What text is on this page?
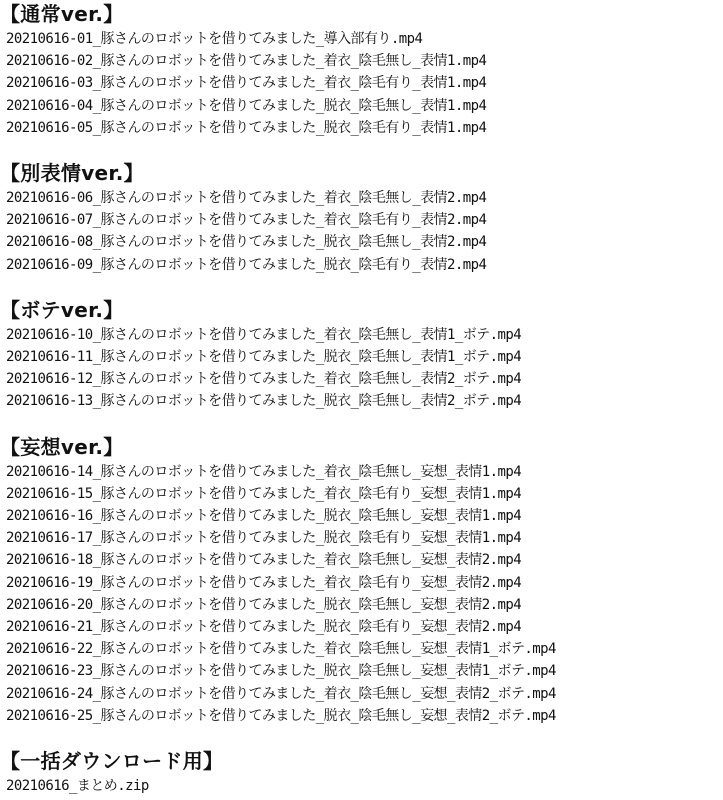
【通常ver.】
20210616-01_豚さんのロボットを借りてみました_導入部有り.mp4
20210616-02_豚さんのロボットを借りてみました_着衣_陰毛無し_表情1.mp4
20210616-03_豚さんのロボットを借りてみました_着衣_陰毛有り_表情1.mp4
20210616-04_豚さんのロボットを借りてみました_脱衣_陰毛無し_表情1.mp4
20210616-05_豚さんのロボットを借りてみました_脱衣_陰毛有り_表情1.mp4
【別表情ver.】
20210616-06_豚さんのロボットを借りてみました_着衣_陰毛無し_表情2.mp4
20210616-07_豚さんのロボットを借りてみました_着衣_陰毛有り_表情2.mp4
20210616-08_豚さんのロボットを借りてみました_脱衣_陰毛無し_表情2.mp4
20210616-09_豚さんのロボットを借りてみました_脱衣_陰毛有り_表情2.mp4
【ボテver.】
20210616-10_豚さんのロボットを借りてみました_着衣_陰毛無し_表情1_ボテ.mp4
20210616-11_豚さんのロボットを借りてみました_脱衣_陰毛無し_表情1_ボテ.mp4
20210616-12_豚さんのロボットを借りてみました_着衣_陰毛無し_表情2_ボテ.mp4
20210616-13_豚さんのロボットを借りてみました_脱衣_陰毛無し_表情2_ボテ.mp4
【妄想ver.】
20210616-14_豚さんのロボットを借りてみました_着衣_陰毛無し_妄想_表情1.mp4
20210616-15_豚さんのロボットを借りてみました_着衣_陰毛有り_妄想_表情1.mp4
20210616-16_豚さんのロボットを借りてみました_脱衣_陰毛無し_妄想_表情1.mp4
20210616-17_豚さんのロボットを借りてみました_脱衣_陰毛有り_妄想_表情1.mp4
20210616-18_豚さんのロボットを借りてみました_着衣_陰毛無し_妄想_表情2.mp4
20210616-19_豚さんのロボットを借りてみました_着衣_陰毛有り_妄想_表情2.mp4
20210616-20_豚さんのロボットを借りてみました_脱衣_陰毛無し_妄想_表情2.mp4
20210616-21_豚さんのロボットを借りてみました_脱衣_陰毛有り_妄想_表情2.mp4
20210616-22_豚さんのロボットを借りてみました_着衣_陰毛無し_妄想_表情1_ボテ.mp4
20210616-23_豚さんのロボットを借りてみました_脱衣_陰毛無し_妄想_表情1_ボテ.mp4
20210616-24_豚さんのロボットを借りてみました_着衣_陰毛無し_妄想_表情2_ボテ.mp4
20210616-25_豚さんのロボットを借りてみました_脱衣_陰毛無し_妄想_表情2_ボテ.mp4
【一括ダウンロード用】
20210616_まとめ.zip
